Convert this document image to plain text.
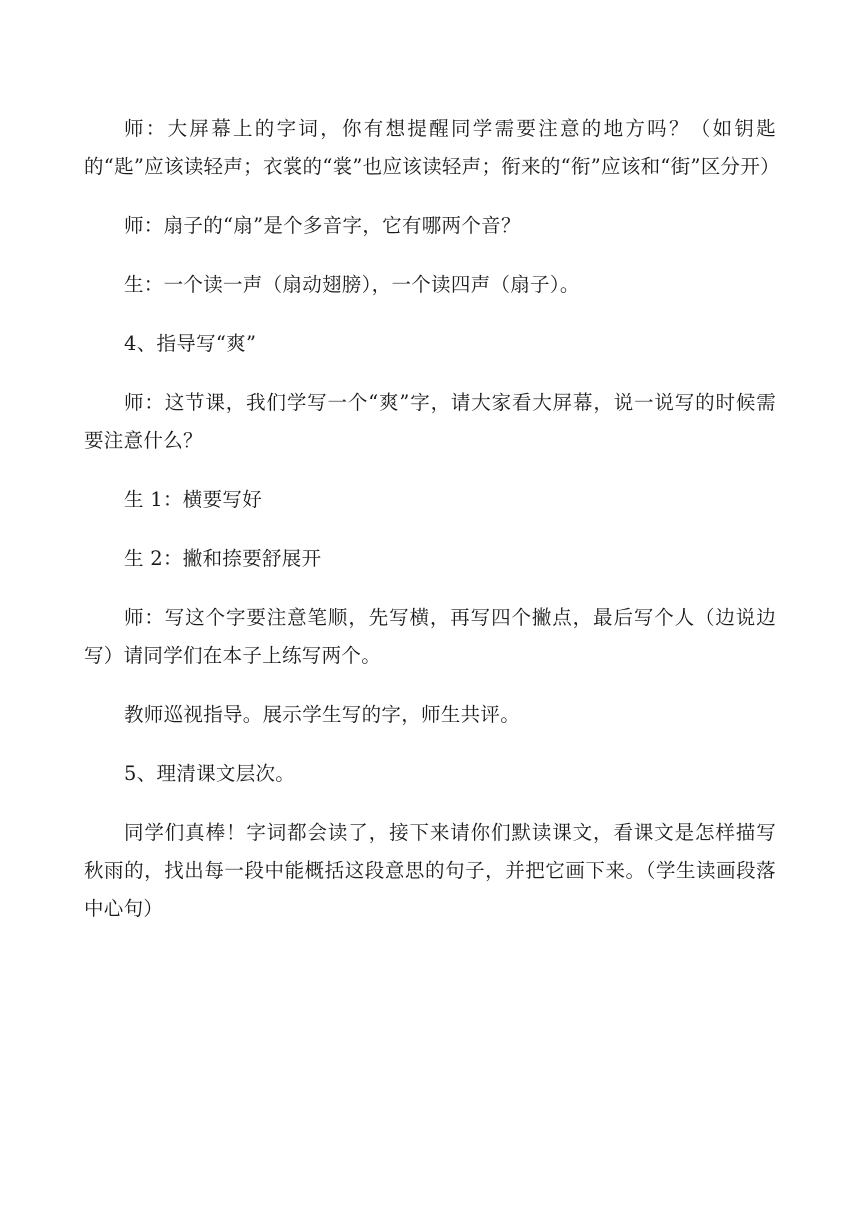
师：大屏幕上的字词，你有想提醒同学需要注意的地方吗？（如钥匙的“匙”应该读轻声；衣裳的“裳”也应该读轻声；衔来的“衔”应该和“街”区分开）

师：扇子的“扇”是个多音字，它有哪两个音？

生：一个读一声（扇动翅膀），一个读四声（扇子）。

4、指导写“爽”

师：这节课，我们学写一个“爽”字，请大家看大屏幕，说一说写的时候需要注意什么？

生 1：横要写好

生 2：撇和捺要舒展开

师：写这个字要注意笔顺，先写横，再写四个撇点，最后写个人（边说边写）请同学们在本子上练写两个。

教师巡视指导。展示学生写的字，师生共评。

5、理清课文层次。

同学们真棒！字词都会读了，接下来请你们默读课文，看课文是怎样描写秋雨的，找出每一段中能概括这段意思的句子，并把它画下来。（学生读画段落中心句）
